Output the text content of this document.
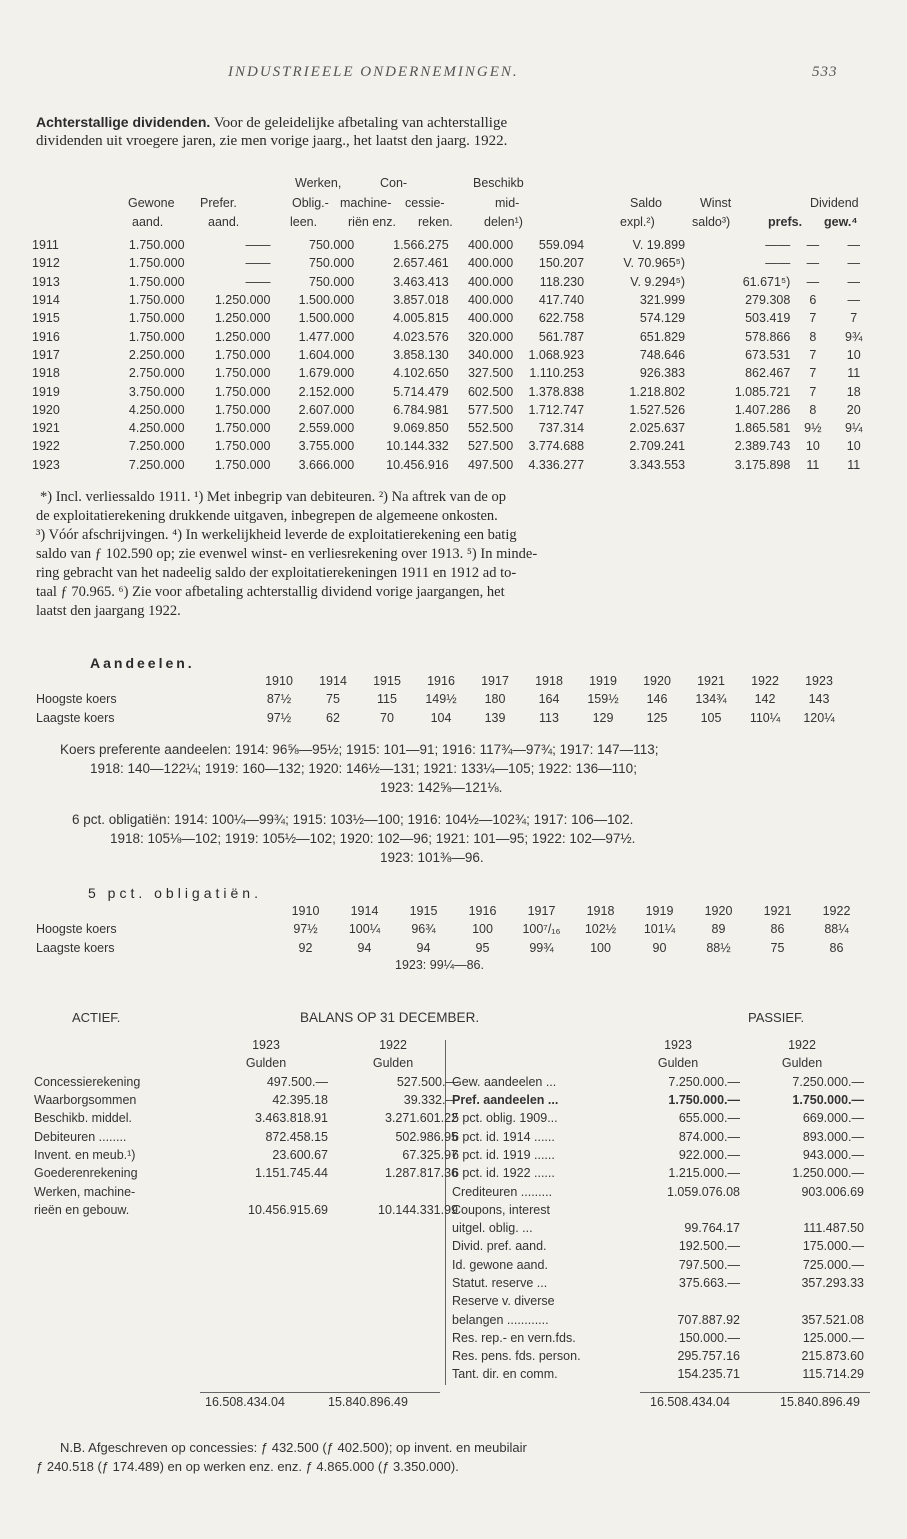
INDUSTRIEELE ONDERNEMINGEN.	533
Achterstallige dividenden. Voor de geleidelijke afbetaling van achterstallige
dividenden uit vroegere jaren, zie men vorige jaarg., het laatst den jaarg. 1922.
Werken,	Con-	Beschikb
Gewone Prefer.	Oblig.- machine- cessie-	mid-	Saldo	Winst	Dividend
aand.	aand.	leen. riën enz. reken.	delen¹)	expl.²)	saldo³)	prefs. gew.⁴
1911	1.750.000	——	750.000	1.566.275	400.000	559.094	V. 19.899	——	—	—
1912	1.750.000	——	750.000	2.657.461	400.000	150.207	V. 70.965⁵)	——	—	—
1913	1.750.000	——	750.000	3.463.413	400.000	118.230	V. 9.294⁵)	61.671⁵)	—	—
1914	1.750.000	1.250.000	1.500.000	3.857.018	400.000	417.740	321.999	279.308	6	—
1915	1.750.000	1.250.000	1.500.000	4.005.815	400.000	622.758	574.129	503.419	7	7
1916	1.750.000	1.250.000	1.477.000	4.023.576	320.000	561.787	651.829	578.866	8	9¾
1917	2.250.000	1.750.000	1.604.000	3.858.130	340.000	1.068.923	748.646	673.531	7	10
1918	2.750.000	1.750.000	1.679.000	4.102.650	327.500	1.110.253	926.383	862.467	7	11
1919	3.750.000	1.750.000	2.152.000	5.714.479	602.500	1.378.838	1.218.802	1.085.721	7	18
1920	4.250.000	1.750.000	2.607.000	6.784.981	577.500	1.712.747	1.527.526	1.407.286	8	20
1921	4.250.000	1.750.000	2.559.000	9.069.850	552.500	737.314	2.025.637	1.865.581	9½	9¼
1922	7.250.000	1.750.000	3.755.000	10.144.332	527.500	3.774.688	2.709.241	2.389.743	10	10
1923	7.250.000	1.750.000	3.666.000	10.456.916	497.500	4.336.277	3.343.553	3.175.898	11	11
*) Incl. verliessaldo 1911. ¹) Met inbegrip van debiteuren. ²) Na aftrek van de op
de exploitatierekening drukkende uitgaven, inbegrepen de algemeene onkosten.
³) Vóór afschrijvingen. ⁴) In werkelijkheid leverde de exploitatierekening een batig
saldo van ƒ 102.590 op; zie evenwel winst- en verliesrekening over 1913. ⁵) In minde-
ring gebracht van het nadeelig saldo der exploitatierekeningen 1911 en 1912 ad to-
taal ƒ 70.965. ⁶) Zie voor afbetaling achterstallig dividend vorige jaargangen, het
laatst den jaargang 1922.
Aandeelen.
	1910	1914	1915	1916	1917	1918	1919	1920	1921	1922	1923
Hoogste koers	87½	75	115	149½	180	164	159½	146	134¾	142	143
Laagste koers	97½	62	70	104	139	113	129	125	105	110¼	120¼
Koers preferente aandeelen: 1914: 96⅝—95½; 1915: 101—91; 1916: 117¾—97¾; 1917: 147—113;
1918: 140—122¼; 1919: 160—132; 1920: 146½—131; 1921: 133¼—105; 1922: 136—110;
1923: 142⅝—121⅛.
6 pct. obligatiën: 1914: 100¼—99¾; 1915: 103½—100; 1916: 104½—102¾; 1917: 106—102.
1918: 105⅛—102; 1919: 105½—102; 1920: 102—96; 1921: 101—95; 1922: 102—97½.
1923: 101⅜—96.
5 pct. obligatiën.
	1910	1914	1915	1916	1917	1918	1919	1920	1921	1922
Hoogste koers	97½	100¼	96¾	100	100⁷/₁₆	102½	101¼	89	86	88¼
Laagste koers	92	94	94	95	99¾	100	90	88½	75	86
1923: 99¼—86.
ACTIEF.	BALANS OP 31 DECEMBER.	PASSIEF.
	1923	1922
	Gulden	Gulden
Concessierekening	497.500.—	527.500.—
Waarborgsommen	42.395.18	39.332.—
Beschikb. middel.	3.463.818.91	3.271.601.22
Debiteuren ........	872.458.15	502.986.95
Invent. en meub.¹)	23.600.67	67.325.97
Goederenrekening	1.151.745.44	1.287.817.36
Werken, machine-		
rieën en gebouw.	10.456.915.69	10.144.331.99
	1923	1922
	Gulden	Gulden
Gew. aandeelen ...	7.250.000.—	7.250.000.—
Pref. aandeelen ...	1.750.000.—	1.750.000.—
5 pct. oblig. 1909...	655.000.—	669.000.—
6 pct. id. 1914 ......	874.000.—	893.000.—
6 pct. id. 1919 ......	922.000.—	943.000.—
6 pct. id. 1922 ......	1.215.000.—	1.250.000.—
Crediteuren .........	1.059.076.08	903.006.69
Coupons, interest		
uitgel. oblig. ...	99.764.17	111.487.50
Divid. pref. aand.	192.500.—	175.000.—
Id. gewone aand.	797.500.—	725.000.—
Statut. reserve ...	375.663.—	357.293.33
Reserve v. diverse		
belangen ............	707.887.92	357.521.08
Res. rep.- en vern.fds.	150.000.—	125.000.—
Res. pens. fds. person.	295.757.16	215.873.60
Tant. dir. en comm.	154.235.71	115.714.29
16.508.434.04	15.840.896.49	16.508.434.04	15.840.896.49
N.B. Afgeschreven op concessies: ƒ 432.500 (ƒ 402.500); op invent. en meubilair
ƒ 240.518 (ƒ 174.489) en op werken enz. enz. ƒ 4.865.000 (ƒ 3.350.000).
